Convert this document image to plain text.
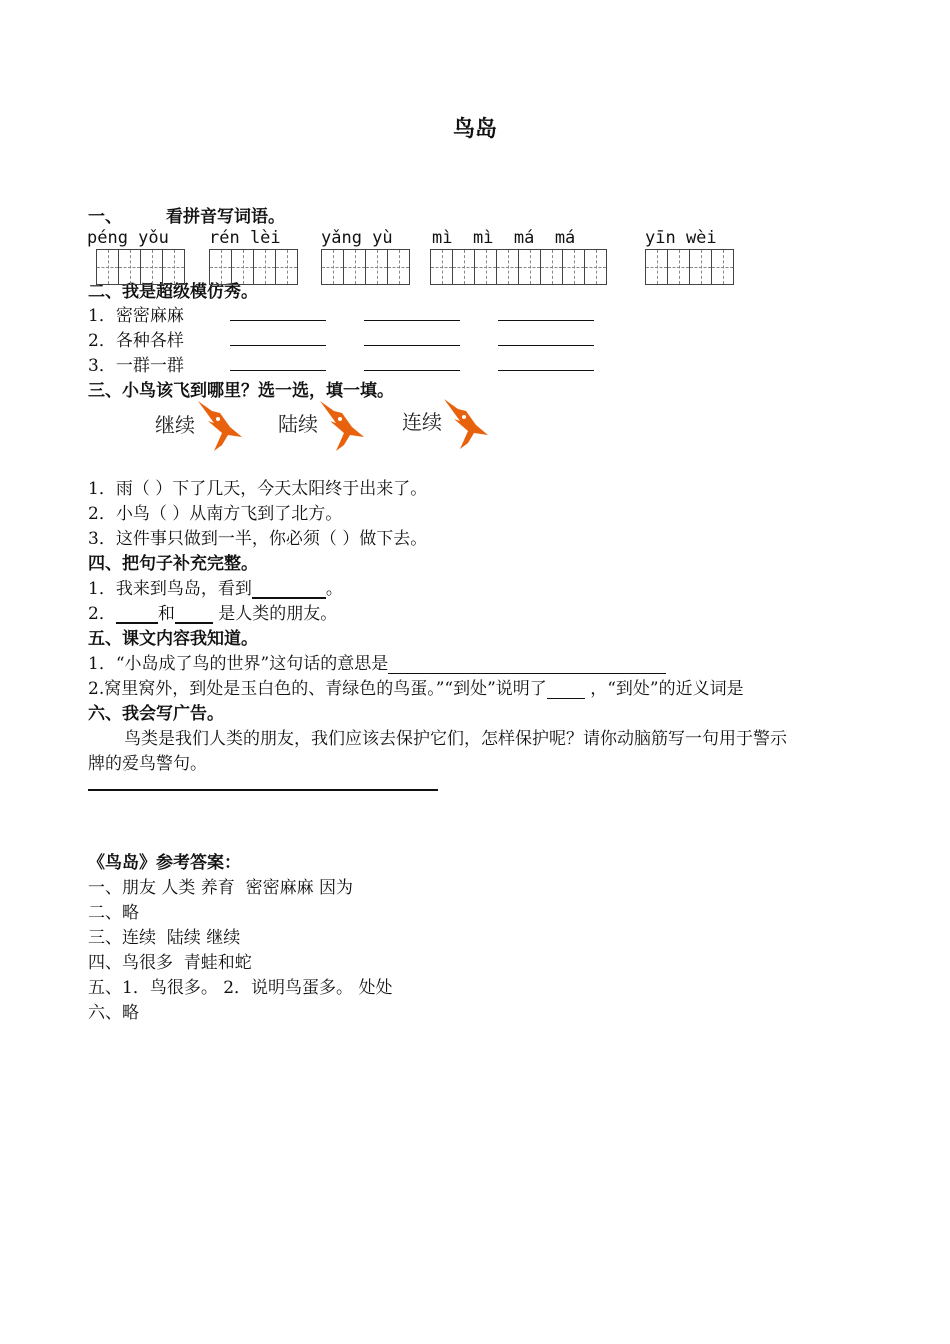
鸟岛
一、	看拼音写词语。
péng yǒu rén lèi yǎng yù mì  mì  má  má	yīn wèi
二、我是超级模仿秀。
1．密密麻麻
2．各种各样
3．一群一群
三、小鸟该飞到哪里？选一选，填一填。
继续	陆续	连续
1．雨（ ）下了几天，今天太阳终于出来了。
2．小鸟（ ）从南方飞到了北方。
3．这件事只做到一半，你必须（ ）做下去。
四、把句子补充完整。
1．我来到鸟岛，看到	。
2． 和 是人类的朋友。
五、课文内容我知道。
1．“小岛成了鸟的世界”这句话的意思是
2.窝里窝外，到处是玉白色的、青绿色的鸟蛋。”“到处”说明了 ，“到处”的近义词是
六、我会写广告。
鸟类是我们人类的朋友，我们应该去保护它们，怎样保护呢？请你动脑筋写一句用于警示
牌的爱鸟警句。
《鸟岛》参考答案：
一、朋友 人类 养育  密密麻麻 因为
二、略
三、连续  陆续 继续
四、鸟很多  青蛙和蛇
五、1．鸟很多。 2．说明鸟蛋多。 处处
六、略
